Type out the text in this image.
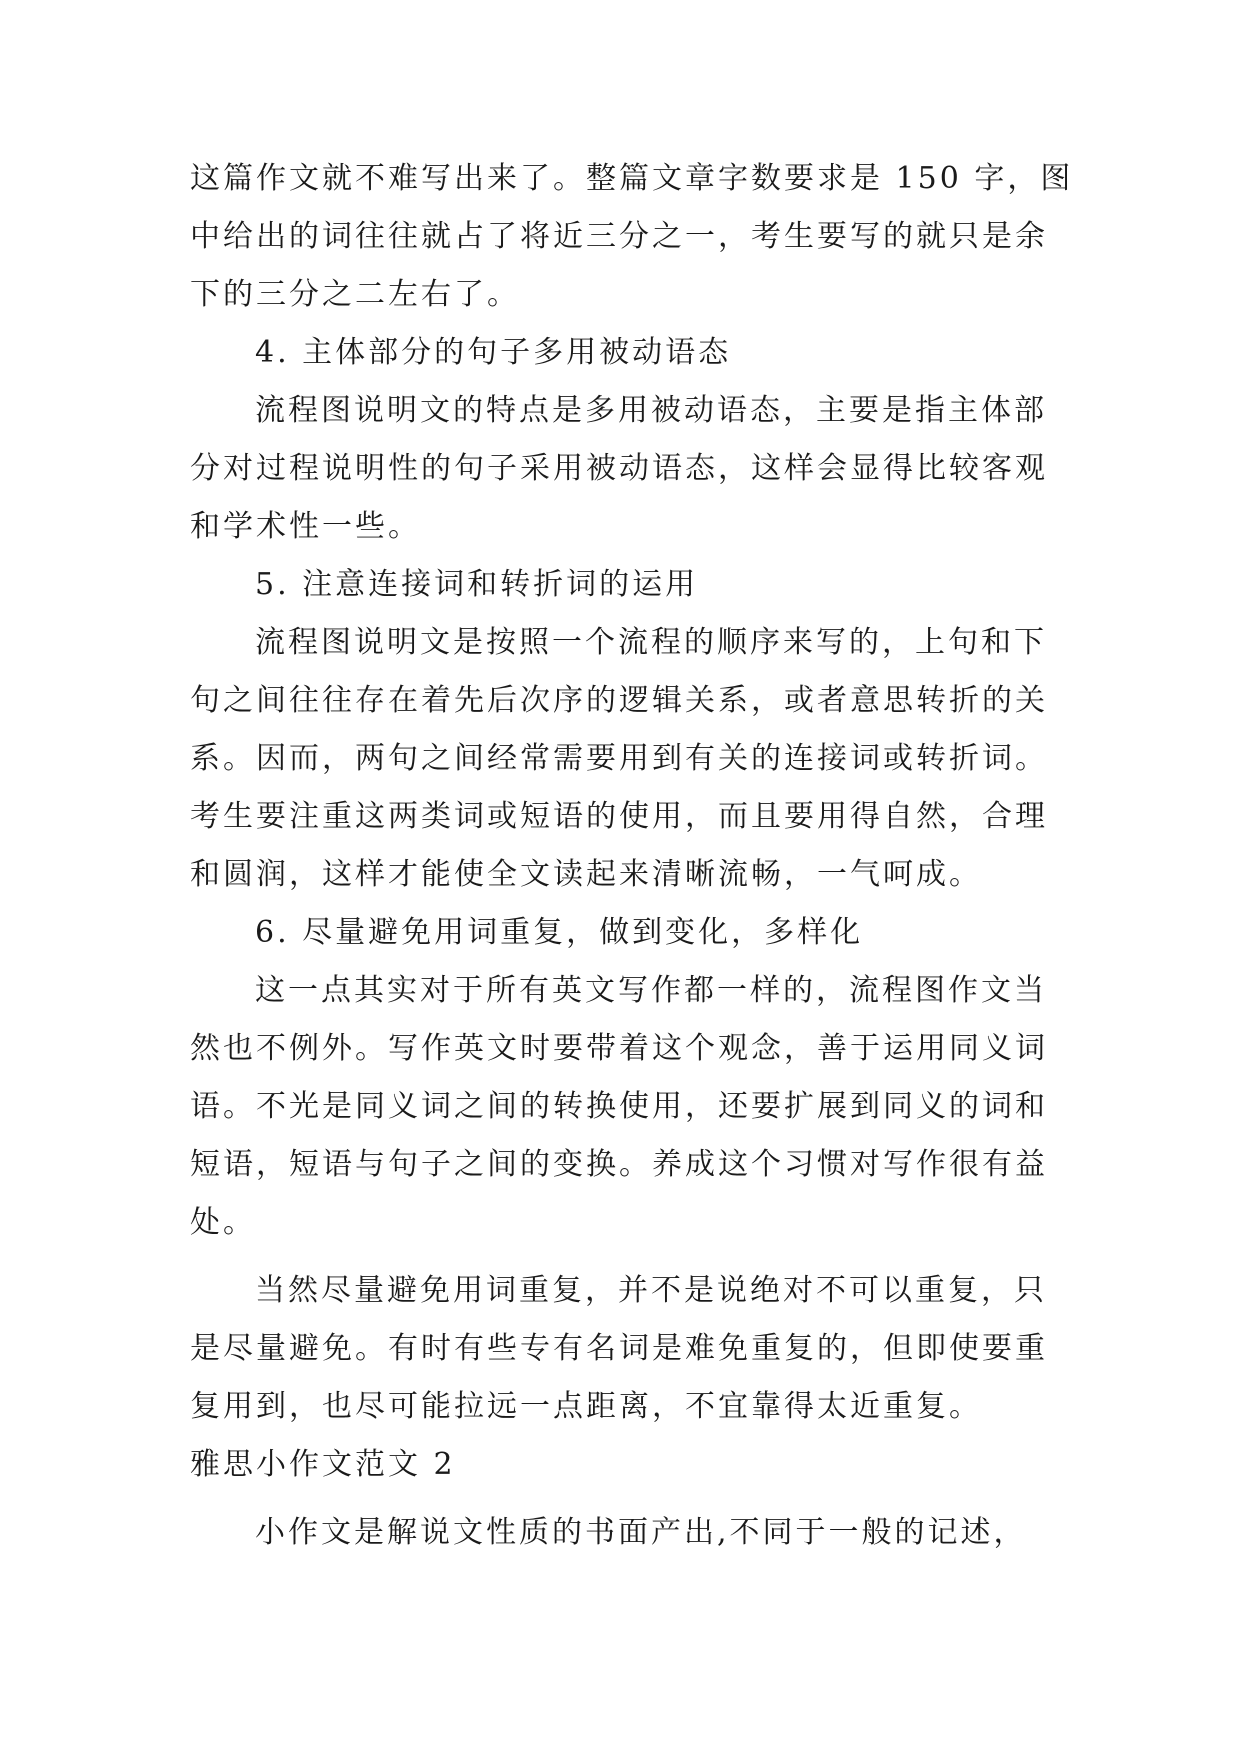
这篇作文就不难写出来了。整篇文章字数要求是 150 字，图
中给出的词往往就占了将近三分之一，考生要写的就只是余
下的三分之二左右了。
4. 主体部分的句子多用被动语态
流程图说明文的特点是多用被动语态，主要是指主体部
分对过程说明性的句子采用被动语态，这样会显得比较客观
和学术性一些。
5. 注意连接词和转折词的运用
流程图说明文是按照一个流程的顺序来写的，上句和下
句之间往往存在着先后次序的逻辑关系，或者意思转折的关
系。因而，两句之间经常需要用到有关的连接词或转折词。
考生要注重这两类词或短语的使用，而且要用得自然，合理
和圆润，这样才能使全文读起来清晰流畅，一气呵成。
6. 尽量避免用词重复，做到变化，多样化
这一点其实对于所有英文写作都一样的，流程图作文当
然也不例外。写作英文时要带着这个观念，善于运用同义词
语。不光是同义词之间的转换使用，还要扩展到同义的词和
短语，短语与句子之间的变换。养成这个习惯对写作很有益
处。
当然尽量避免用词重复，并不是说绝对不可以重复，只
是尽量避免。有时有些专有名词是难免重复的，但即使要重
复用到，也尽可能拉远一点距离，不宜靠得太近重复。
雅思小作文范文 2
小作文是解说文性质的书面产出,不同于一般的记述，
